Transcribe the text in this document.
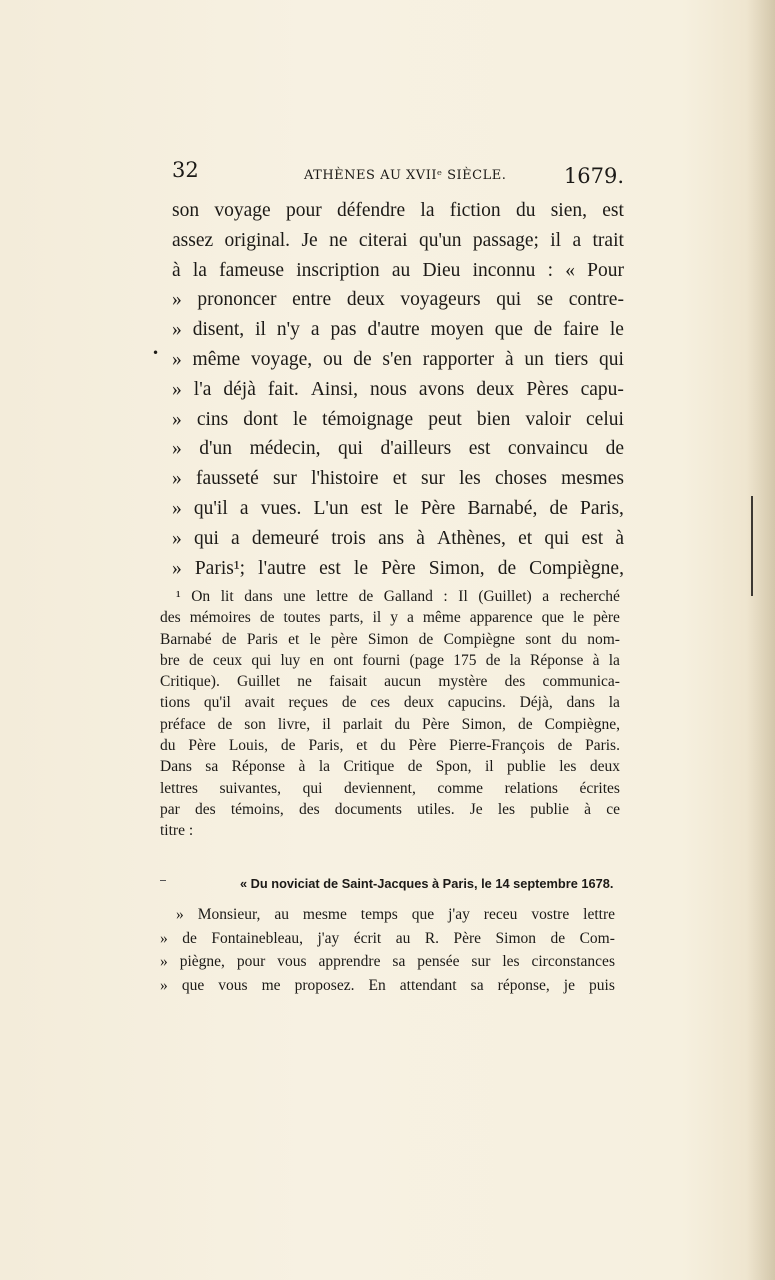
32	ATHÈNES AU XVIIᵉ SIÈCLE.	1679.
•
son voyage pour défendre la fiction du sien, est
assez original. Je ne citerai qu'un passage; il a trait
à la fameuse inscription au Dieu inconnu : « Pour
» prononcer entre deux voyageurs qui se contre-
» disent, il n'y a pas d'autre moyen que de faire le
» même voyage, ou de s'en rapporter à un tiers qui
» l'a déjà fait. Ainsi, nous avons deux Pères capu-
» cins dont le témoignage peut bien valoir celui
» d'un médecin, qui d'ailleurs est convaincu de
» fausseté sur l'histoire et sur les choses mesmes
» qu'il a vues. L'un est le Père Barnabé, de Paris,
» qui a demeuré trois ans à Athènes, et qui est à
» Paris¹; l'autre est le Père Simon, de Compiègne,
¹ On lit dans une lettre de Galland : Il (Guillet) a recherché
des mémoires de toutes parts, il y a même apparence que le père
Barnabé de Paris et le père Simon de Compiègne sont du nom-
bre de ceux qui luy en ont fourni (page 175 de la Réponse à la
Critique). Guillet ne faisait aucun mystère des communica-
tions qu'il avait reçues de ces deux capucins. Déjà, dans la
préface de son livre, il parlait du Père Simon, de Compiègne,
du Père Louis, de Paris, et du Père Pierre-François de Paris.
Dans sa Réponse à la Critique de Spon, il publie les deux
lettres suivantes, qui deviennent, comme relations écrites
par des témoins, des documents utiles. Je les publie à ce
titre :
« Du noviciat de Saint-Jacques à Paris, le 14 septembre 1678.
» Monsieur, au mesme temps que j'ay receu vostre lettre
» de Fontainebleau, j'ay écrit au R. Père Simon de Com-
» piègne, pour vous apprendre sa pensée sur les circonstances
» que vous me proposez. En attendant sa réponse, je puis
